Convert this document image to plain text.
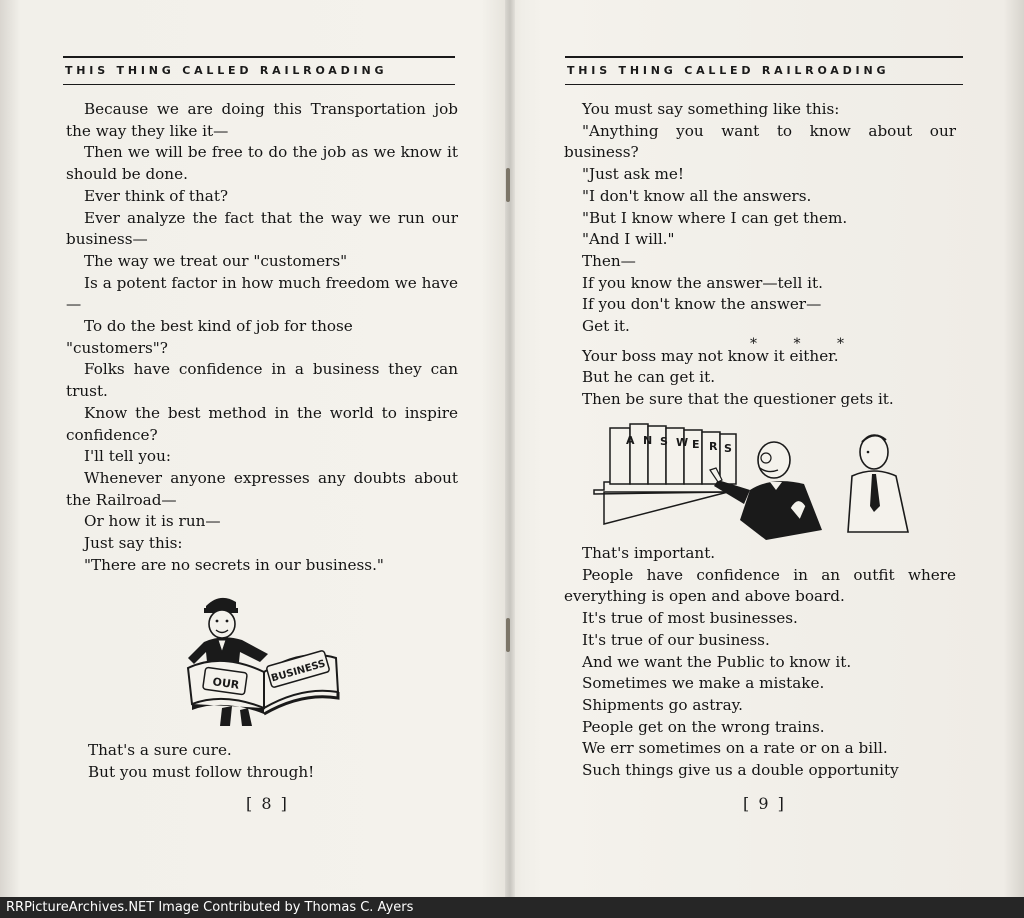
THIS THING CALLED RAILROADING

Because we are doing this Transportation job the way they like it—

Then we will be free to do the job as we know it should be done.

Ever think of that?

Ever analyze the fact that the way we run our business—

The way we treat our "customers"

Is a potent factor in how much freedom we have—

To do the best kind of job for those "customers"?

Folks have confidence in a business they can trust.

Know the best method in the world to inspire confidence?

I'll tell you:

Whenever anyone expresses any doubts about the Railroad—

Or how it is run—

Just say this:

"There are no secrets in our business."

OUR	BUSINESS

That's a sure cure.

But you must follow through!

[ 8 ]
THIS THING CALLED RAILROADING

You must say something like this:

"Anything you want to know about our business?

"Just ask me!

"I don't know all the answers.

"But I know where I can get them.

"And I will."

Then—

If you know the answer—tell it.

If you don't know the answer—

Get it.

* * *

Your boss may not know it either.

But he can get it.

Then be sure that the questioner gets it.

A N S W E R S

That's important.

People have confidence in an outfit where everything is open and above board.

It's true of most businesses.

It's true of our business.

And we want the Public to know it.

Sometimes we make a mistake.

Shipments go astray.

People get on the wrong trains.

We err sometimes on a rate or on a bill.

Such things give us a double opportunity

[ 9 ]
RRPictureArchives.NET Image Contributed by Thomas C. Ayers
